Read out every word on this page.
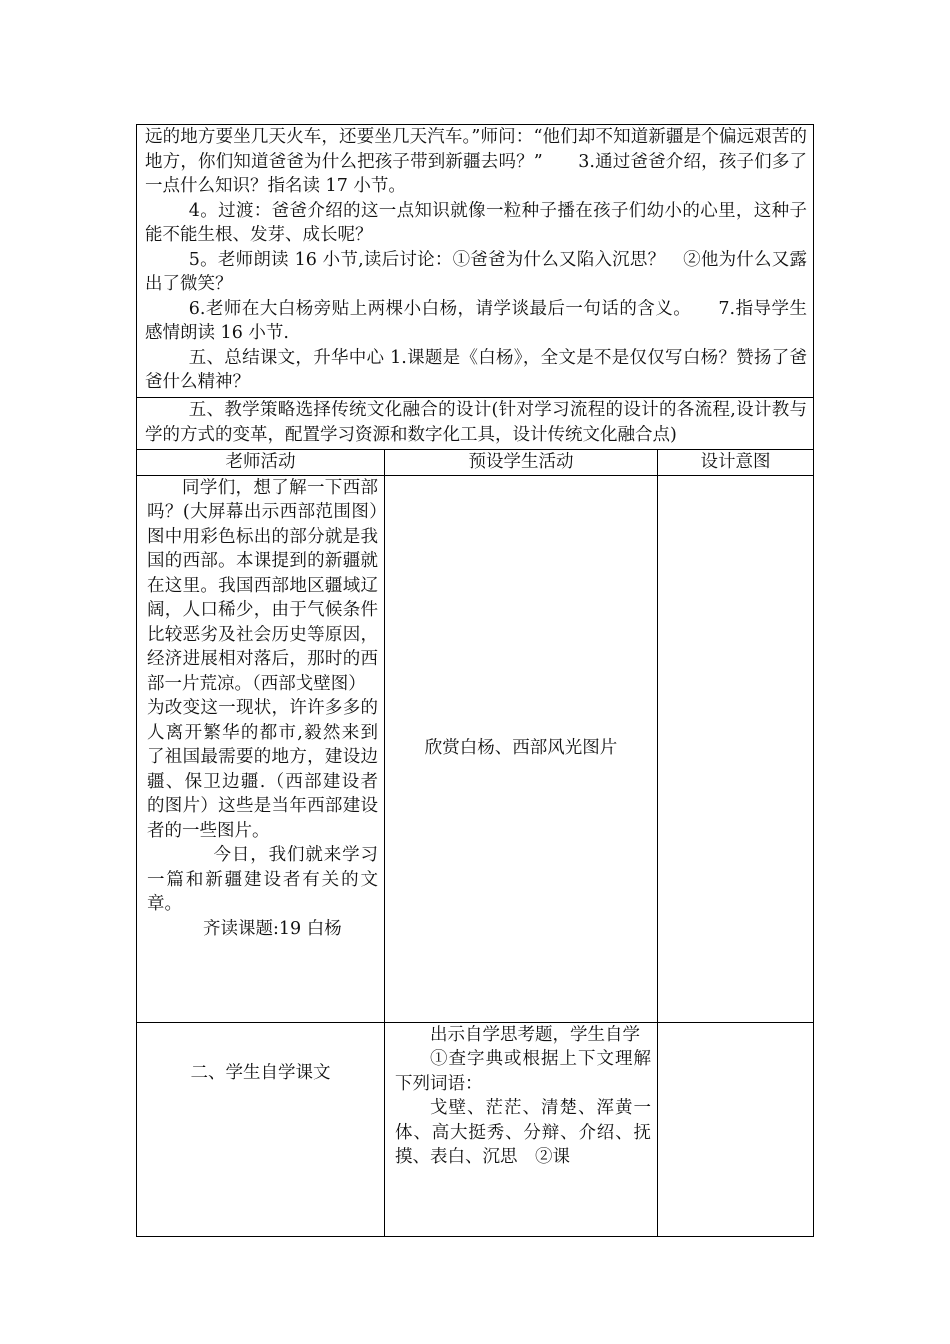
远的地方要坐几天火车，还要坐几天汽车。”师问：“他们却不知道新疆是个偏远艰苦的地方，你们知道爸爸为什么把孩子带到新疆去吗？”　　3.通过爸爸介绍，孩子们多了一点什么知识？指名读 17 小节。

4。过渡：爸爸介绍的这一点知识就像一粒种子播在孩子们幼小的心里，这种子能不能生根、发芽、成长呢？

5。老师朗读 16 小节,读后讨论：①爸爸为什么又陷入沉思？　②他为什么又露出了微笑？

6.老师在大白杨旁贴上两棵小白杨，请学谈最后一句话的含义。　　7.指导学生感情朗读 16 小节.

五、总结课文，升华中心 1.课题是《白杨》，全文是不是仅仅写白杨？赞扬了爸爸什么精神？		

五、教学策略选择传统文化融合的设计(针对学习流程的设计的各流程,设计教与学的方式的变革，配置学习资源和数字化工具，设计传统文化融合点)		

老师活动	预设学生活动	设计意图

同学们，想了解一下西部吗？(大屏幕出示西部范围图）图中用彩色标出的部分就是我国的西部。本课提到的新疆就在这里。我国西部地区疆域辽阔，人口稀少，由于气候条件比较恶劣及社会历史等原因，经济进展相对落后，那时的西部一片荒凉。（西部戈壁图）

为改变这一现状，许许多多的人离开繁华的都市,毅然来到了祖国最需要的地方，建设边疆、保卫边疆.（西部建设者的图片）这些是当年西部建设者的一些图片。

今日，我们就来学习一篇和新疆建设者有关的文章。

齐读课题:19 白杨	欣赏白杨、西部风光图片	
二、学生自学课文	出示自学思考题，学生自学

①查字典或根据上下文理解下列词语：

戈壁、茫茫、清楚、浑黄一体、高大挺秀、分辩、介绍、抚摸、表白、沉思　②课	
